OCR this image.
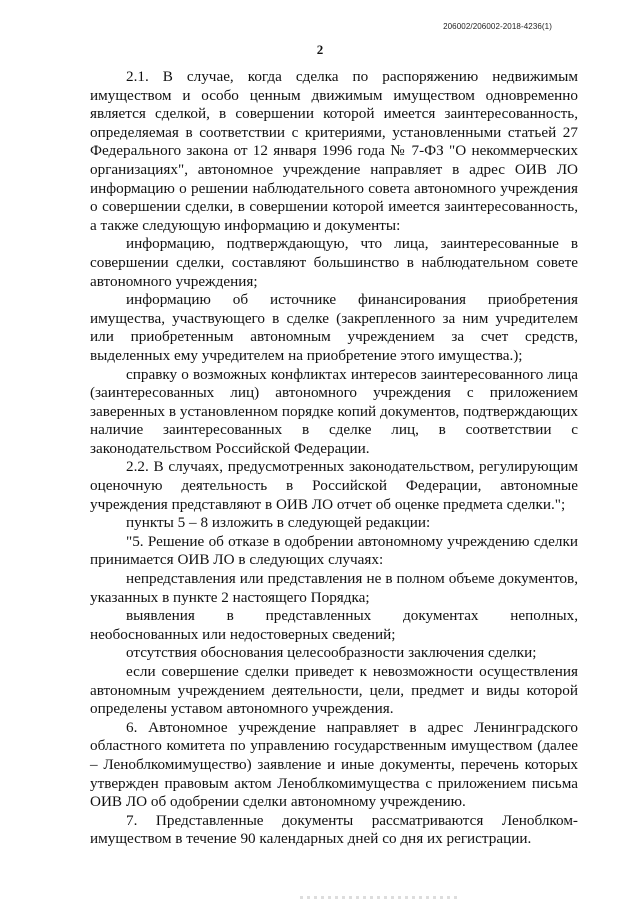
206002/206002-2018-4236(1)
2

2.1. В случае, когда сделка по распоряжению недвижимым имуществом и особо ценным движимым имуществом одновременно является сделкой, в совершении которой имеется заинтересованность, определяемая в соответствии с критериями, установленными статьей 27 Федерального закона от 12 января 1996 года № 7-ФЗ "О некоммерческих организациях", автономное учреждение направляет в адрес ОИВ ЛО информацию о решении наблюдательного совета автономного учреждения о совершении сделки, в совершении которой имеется заинтересованность, а также следующую информацию и документы:

информацию, подтверждающую, что лица, заинтересованные в совершении сделки, составляют большинство в наблюдательном совете автономного учреждения;

информацию об источнике финансирования приобретения имущества, участвующего в сделке (закрепленного за ним учредителем или приобретенным автономным учреждением за счет средств, выделенных ему учредителем на приобретение этого имущества.);

справку о возможных конфликтах интересов заинтересованного лица (заинтересованных лиц) автономного учреждения с приложением заверенных в установленном порядке копий документов, подтверждающих наличие заинтересованных в сделке лиц, в соответствии с законодательством Российской Федерации.

2.2. В случаях, предусмотренных законодательством, регулирующим оценочную деятельность в Российской Федерации, автономные учреждения представляют в ОИВ ЛО отчет об оценке предмета сделки.";

пункты 5 – 8 изложить в следующей редакции:

"5. Решение об отказе в одобрении автономному учреждению сделки принимается ОИВ ЛО в следующих случаях:

непредставления или представления не в полном объеме документов, указанных в пункте 2 настоящего Порядка;

выявления в представленных документах неполных, необоснованных или недостоверных сведений;

отсутствия обоснования целесообразности заключения сделки;

если совершение сделки приведет к невозможности осуществления автономным учреждением деятельности, цели, предмет и виды которой определены уставом автономного учреждения.

6. Автономное учреждение направляет в адрес Ленинградского областного комитета по управлению государственным имуществом (далее – Леноблкомимущество) заявление и иные документы, перечень которых утвержден правовым актом Леноблкомимущества с приложением письма ОИВ ЛО об одобрении сделки автономному учреждению.

7. Представленные документы рассматриваются Леноблком-имуществом в течение 90 календарных дней со дня их регистрации.
